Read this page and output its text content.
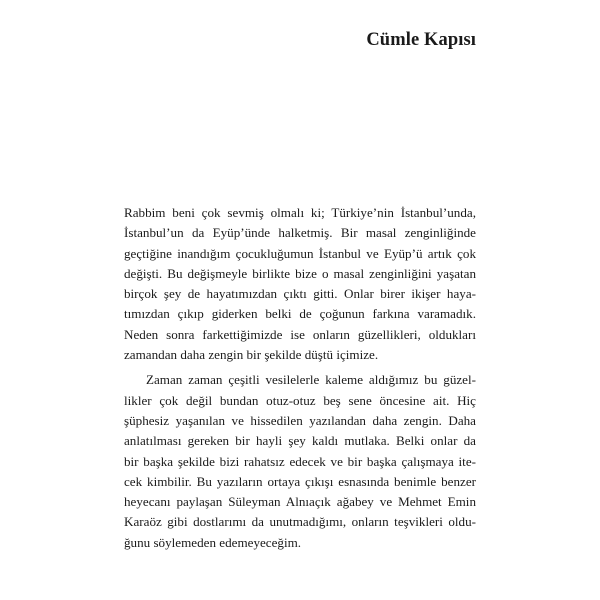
Cümle Kapısı
Rabbim beni çok sevmiş olmalı ki; Türkiye’nin İstanbul’unda,
İstanbul’un da Eyüp’ünde halketmiş. Bir masal zenginliğinde
geçtiğine inandığım çocukluğumun İstanbul ve Eyüp’ü artık çok
değişti. Bu değişmeyle birlikte bize o masal zenginliğini yaşatan
birçok şey de hayatımızdan çıktı gitti. Onlar birer ikişer haya-
tımızdan çıkıp giderken belki de çoğunun farkına varamadık.
Neden sonra farkettiğimizde ise onların güzellikleri, oldukları
zamandan daha zengin bir şekilde düştü içimize.
Zaman zaman çeşitli vesilelerle kaleme aldığımız bu güzel-
likler çok değil bundan otuz-otuz beş sene öncesine ait. Hiç
şüphesiz yaşanılan ve hissedilen yazılandan daha zengin. Daha
anlatılması gereken bir hayli şey kaldı mutlaka. Belki onlar da
bir başka şekilde bizi rahatsız edecek ve bir başka çalışmaya ite-
cek kimbilir. Bu yazıların ortaya çıkışı esnasında benimle benzer
heyecanı paylaşan Süleyman Alnıaçık ağabey ve Mehmet Emin
Karaöz gibi dostlarımı da unutmadığımı, onların teşvikleri oldu-
ğunu söylemeden edemeyeceğim.
